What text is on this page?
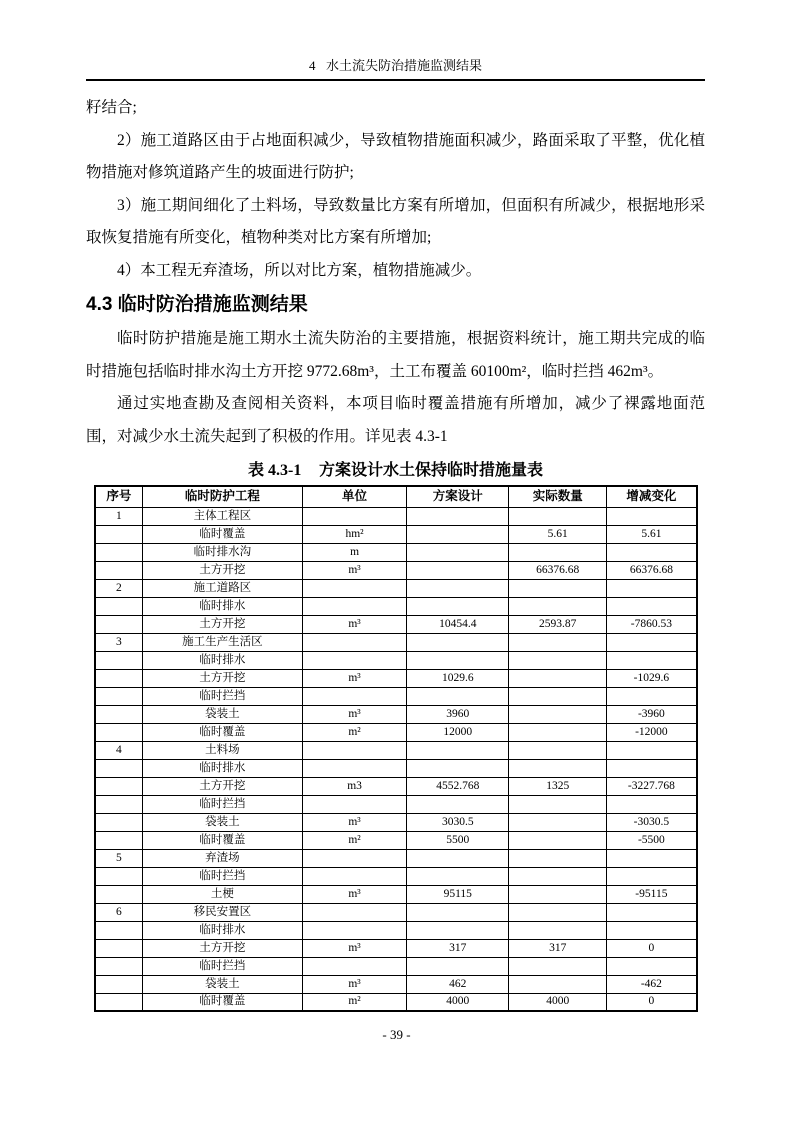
4 水土流失防治措施监测结果

籽结合;

2）施工道路区由于占地面积减少，导致植物措施面积减少，路面采取了平整，优化植物措施对修筑道路产生的坡面进行防护;

3）施工期间细化了土料场，导致数量比方案有所增加，但面积有所减少，根据地形采取恢复措施有所变化，植物种类对比方案有所增加;

4）本工程无弃渣场，所以对比方案，植物措施减少。

4.3 临时防治措施监测结果

临时防护措施是施工期水土流失防治的主要措施，根据资料统计，施工期共完成的临时措施包括临时排水沟土方开挖 9772.68m³，土工布覆盖 60100m²，临时拦挡 462m³。

通过实地查勘及查阅相关资料，本项目临时覆盖措施有所增加，减少了裸露地面范围，对减少水土流失起到了积极的作用。详见表 4.3-1

表 4.3-1 方案设计水土保持临时措施量表
序号	临时防护工程	单位	方案设计	实际数量	增减变化
1	主体工程区				
	临时覆盖	hm²		5.61	5.61
	临时排水沟	m			
	土方开挖	m³		66376.68	66376.68
2	施工道路区				
	临时排水				
	土方开挖	m³	10454.4	2593.87	-7860.53
3	施工生产生活区				
	临时排水				
	土方开挖	m³	1029.6		-1029.6
	临时拦挡				
	袋装土	m³	3960		-3960
	临时覆盖	m²	12000		-12000
4	土料场				
	临时排水				
	土方开挖	m3	4552.768	1325	-3227.768
	临时拦挡				
	袋装土	m³	3030.5		-3030.5
	临时覆盖	m²	5500		-5500
5	弃渣场				
	临时拦挡				
	土梗	m³	95115		-95115
6	移民安置区				
	临时排水				
	土方开挖	m³	317	317	0
	临时拦挡				
	袋装土	m³	462		-462
	临时覆盖	m²	4000	4000	0
- 39 -
